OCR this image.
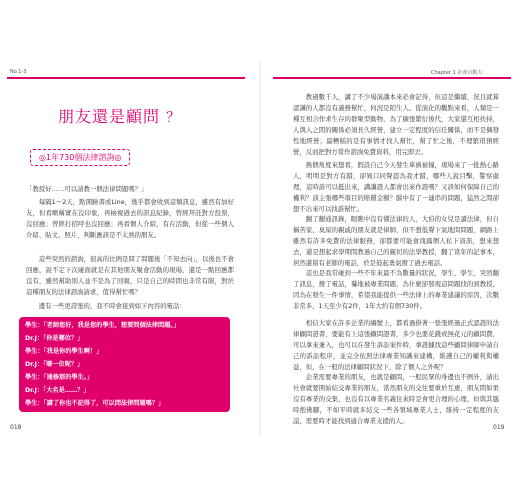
No.1-3
朋友還是顧問 ？
◎1年730個法律諮詢◎

「教授好……可以請教一個法律問題嗎？」

每隔1～2天，點開臉書或Line，幾乎都會收到這類訊息，雖然有加好友，但看暱稱實在沒印象，再檢視過去的訊息紀錄，曾經拜託對方投票，沒回應；曾經打招呼也沒回應；再看個人介紹，有在活動，但從一些個人介紹、貼文、照片，判斷應該是不太熟的朋友。

這些突然的諮詢，很高的比例是問了問題後「不知去向」，以後也不會回應，說不定下次碰面就是在其他朋友聚會活動的現場，還是一點回應都沒有，雖然幫助別人並不是為了回報，只是自己的時間也非常有限，對於這種朋友的法律諮詢請求，值得幫忙嗎？

邊有一些更誇張的，我不時會接到如下內容的電話：

學生：「老師您好，我是您的學生，想要問個法律問題。」
Dr.J：「你是哪位？」
學生：「我是你的學生啊！」
Dr.J：「哪一位呢？」
學生：「通修那的學生。」
Dr.J：「大名是……？」
學生：「講了你也不記得了，可以問法律問題嗎？」
018
Chapter 1 社會百動力

教過數千人，講了不少場演講本來必會記得，但這是繼續，況且就算認識的人都沒有義務幫忙，何況是陌生人。從演化的觀點來看，人類是一種互相合作求生存的群聚型動物，為了擴張繁衍後代，大家還互相扶持，人與人之間的關係必須長久經營，建立一定程度的信任關係，而不是偶發性地經營；最糟糕的是有事情才找人幫忙，幫了忙之後，不理繁瑣預經營，反而把對方當作諮詢免費資料，用完即丟。

換個角度來想看，假設自己今天發生車禍被撞，現場來了一批熱心路人，明明是對方有錯，卻異口同聲認為我才錯，哪些人說目擊，警察處理，這時誰可以挺出來，講講證人都會出來作證嗎？又該如何保障自己的權利？該主張哪些項目的賠償金額？腦中有了一連串的問題，猛然之間卻想不出來可以找誰幫忙。

翻了翻通訊錄，眼瞧中沒有懂法律的人，大伯的女兒是讀法律，但自稱苦家，臭屎的親戚的朋友就是律師，但不想低聲下氣地問問題，網路上雖然有許多免費的法律服務，卻都要可能會洩露個人私下資訊，想來想去，還是想起求學期間教過自己的親切的法學教授，翻了當年的記事本，居然還留有老師的電話，於是鼓起勇氣撥了過去電話。

這也是我常碰到一些不年來最不為數量的狀況，學生，學生，突然翻了訊息，撥了電話，驀地被專業問題，為什麼卻發現這問題找的到教授，因為在發生一件事情，希望我能提供一些法律上的專業建議的原因，次數非常多，1天至少有2件，1年大約有個730件。

相信大家在許多企業的編號上，都看過掛著一張張經過正式認證的法律顧問證書，要能有上這張顧問證書，多少也要花錢或無花元的顧問費，可以拿來兼入，也可以在發生訴訟案件時，拿證據找這些顧問律師申請自己的訴訟程序，並完全依照法律專業知識來建構，維護自己的權利與權益，但，在一般的法律顧問狀況下，除了個人之外呢？

企業需要專業的朋友，也就是顧問，一般民眾的身邊也不例外，請出社會就要開始結交專業的朋友，當然朋友的交往要重於互惠，朋友間如果沒有專業的交集，也沒有以專業名義往來時是會更合理的心理，但與其臨時抱佛腳，不如平時就多結交一些各領域專業人士，維持一定程度的友誼，需要時才能找到適合專業支援的人。

019
